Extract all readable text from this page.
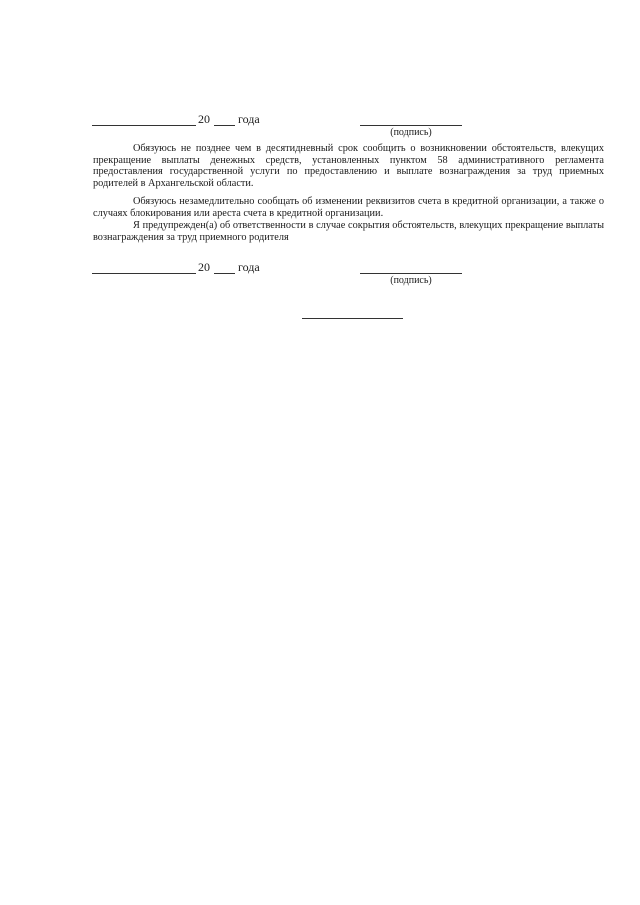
20 года
(подпись)

Обязуюсь не позднее чем в десятидневный срок сообщить о возникновении обстоятельств, влекущих прекращение выплаты денежных средств, установленных пунктом 58 административного регламента предоставления государственной услуги по предоставлению и выплате вознаграждения за труд приемных родителей в Архангельской области.

Обязуюсь незамедлительно сообщать об изменении реквизитов счета в кредитной организации, а также о случаях блокирования или ареста счета в кредитной организации.

Я предупрежден(а) об ответственности в случае сокрытия обстоятельств, влекущих прекращение выплаты вознаграждения за труд приемного родителя

20 года
(подпись)
